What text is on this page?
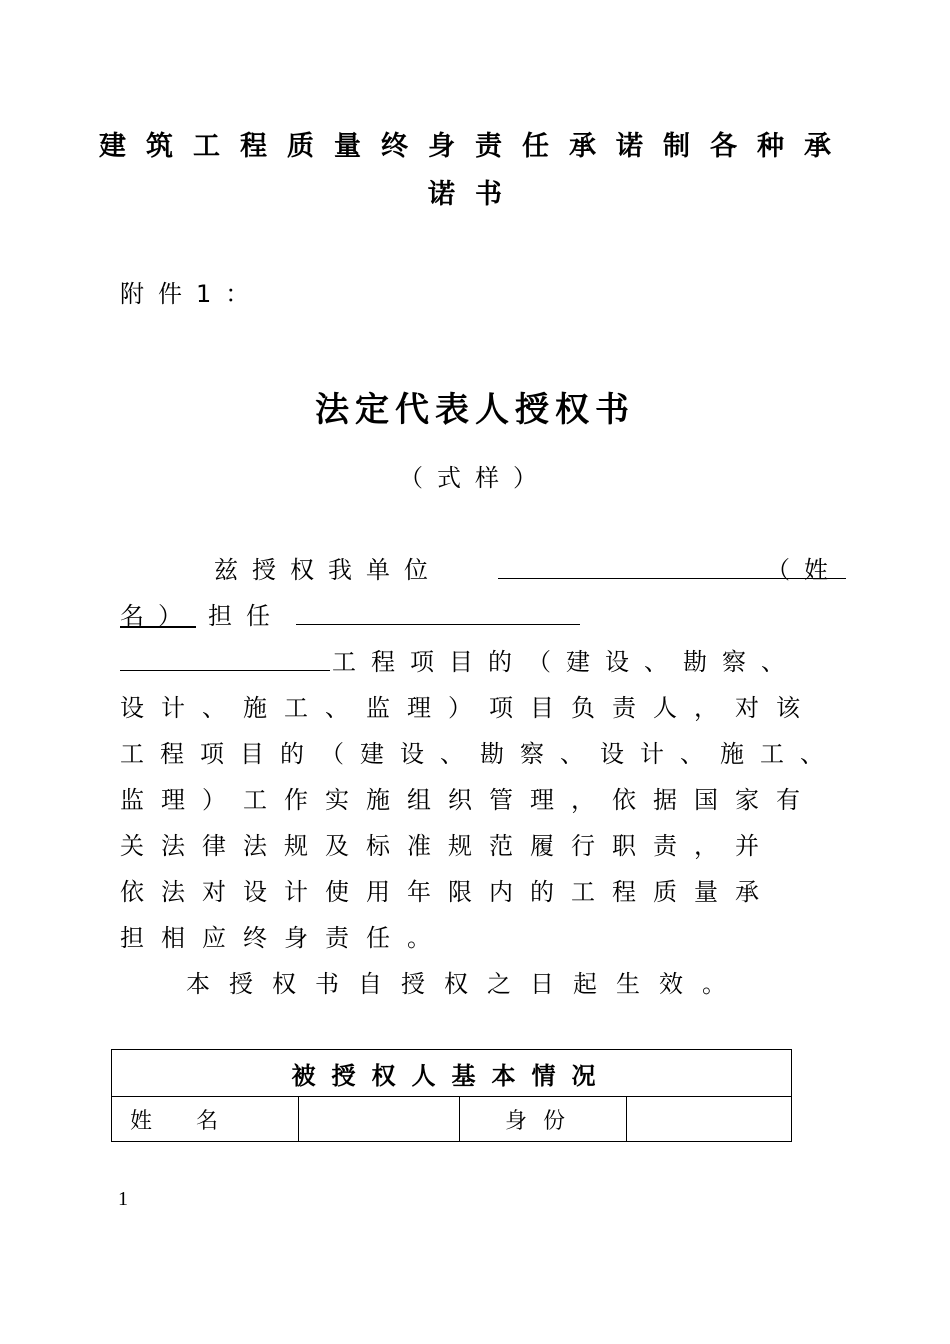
建筑工程质量终身责任承诺制各种承
诺书
附件1：
法定代表人授权书
（式样）
兹授权我单位	（姓
名） 担任
工程项目的（建设、勘察、
设计、施工、监理）项目负责人，对该
工程项目的（建设、勘察、设计、施工、
监理）工作实施组织管理，依据国家有
关法律法规及标准规范履行职责，并
依法对设计使用年限内的工程质量承
担相应终身责任。
本授权书自授权之日起生效。
被授权人基本情况
姓　　名		身份	
1
